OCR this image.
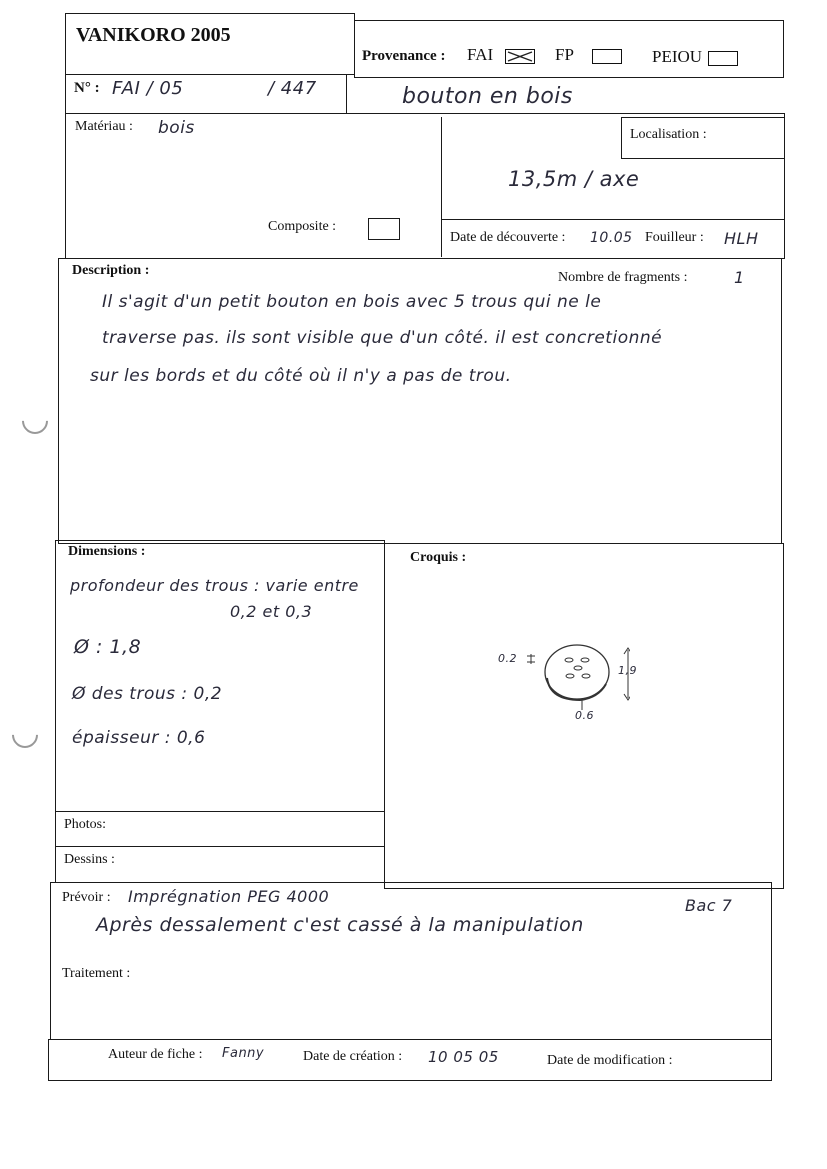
VANIKORO 2005
Provenance : FAI	FP	PEIOU
N° : FAI / 05	/ 447	bouton en bois
Matériau : bois
Composite :
Localisation :
13,5m / axe
Date de découverte : 10.05 Fouilleur : HLH
Description :	Nombre de fragments :	1
Il s'agit d'un petit bouton en bois avec 5 trous qui ne le
traverse pas. ils sont visible que d'un côté. il est concretionné
sur les bords et du côté où il n'y a pas de trou.
Dimensions :
profondeur des trous : varie entre
0,2 et 0,3
Ø : 1,8
Ø des trous : 0,2
épaisseur : 0,6
Croquis :
0.2
1,9
0.6
Photos:
Dessins :
Prévoir : Imprégnation PEG 4000	Bac 7
Après dessalement c'est cassé à la manipulation
Traitement :
Auteur de fiche : Fanny	Date de création : 10 05 05	Date de modification :
